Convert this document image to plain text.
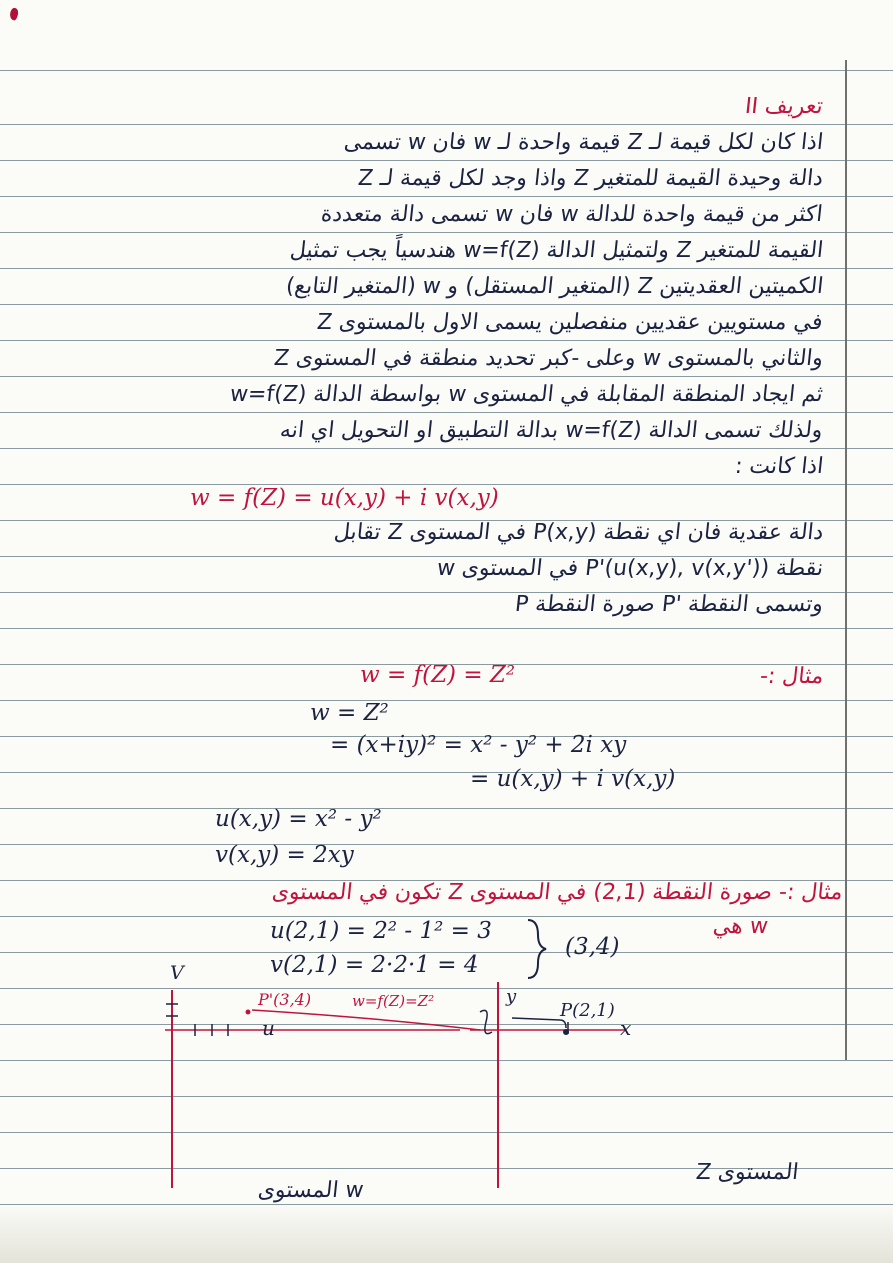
تعريف II
اذا كان لكل قيمة لـ Z قيمة واحدة لـ w فان w تسمى
دالة وحيدة القيمة للمتغير Z واذا وجد لكل قيمة لـ Z
اكثر من قيمة واحدة للدالة w فان w تسمى دالة متعددة
القيمة للمتغير Z ولتمثيل الدالة (w=f(Z هندسياً يجب تمثيل
الكميتين العقديتين Z (المتغير المستقل) و w (المتغير التابع)
في مستويين عقديين منفصلين يسمى الاول بالمستوى Z
والثاني بالمستوى w وعلى -كبر تحديد منطقة في المستوى Z
ثم ايجاد المنطقة المقابلة في المستوى w بواسطة الدالة (w=f(Z
ولذلك تسمى الدالة (w=f(Z بدالة التطبيق او التحويل اي انه
اذا كانت :
w = f(Z) = u(x,y) + i v(x,y)
دالة عقدية فان اي نقطة (P(x,y في المستوى Z تقابل
نقطة (('P'(u(x,y), v(x,y في المستوى w
وتسمى النقطة 'P صورة النقطة P
مثال :-
w = f(Z) = Z²
w = Z²
= (x+iy)² = x² - y² + 2i xy
= u(x,y) + i v(x,y)
u(x,y) = x² - y²
v(x,y) = 2xy
مثال :- صورة النقطة (2,1) في المستوى Z تكون في المستوى
w هي
u(2,1) = 2² - 1² = 3
v(2,1) = 2·2·1 = 4
(3,4)
V
u
P'(3,4)	w=f(Z)=Z²	y
x
P(2,1)
w المستوى
المستوى Z
